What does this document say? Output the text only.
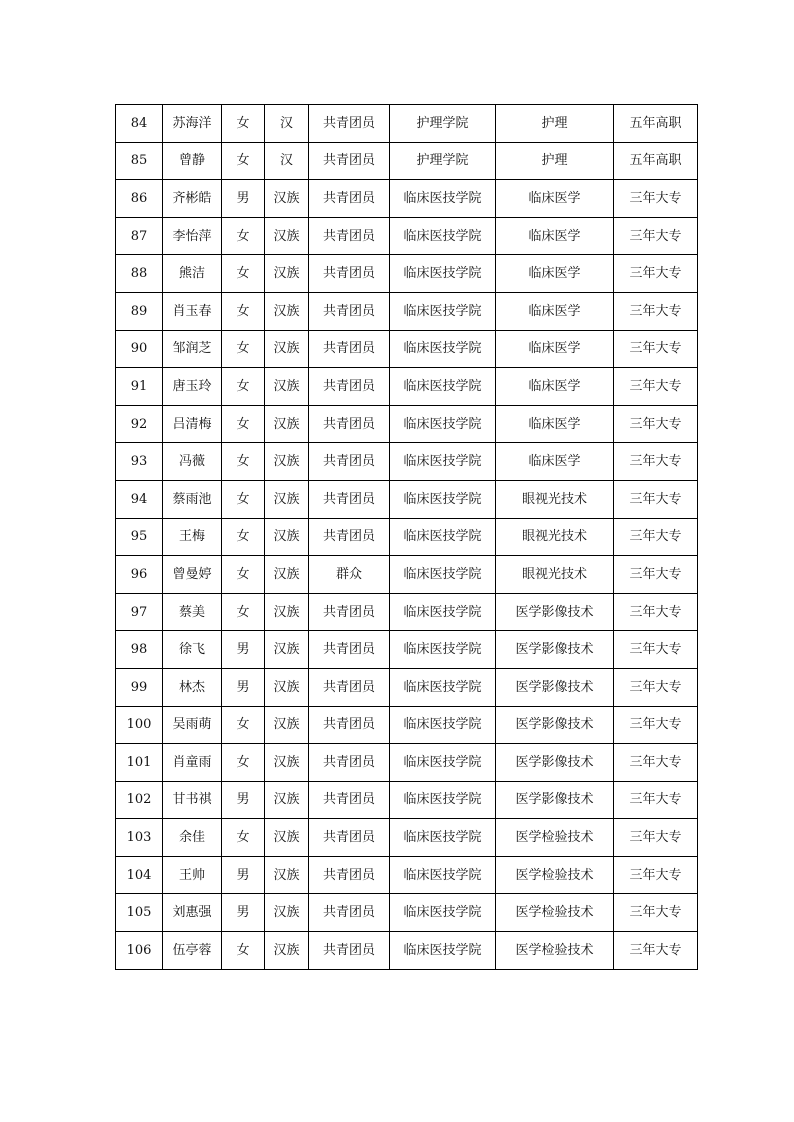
84	苏海洋	女	汉	共青团员	护理学院	护理	五年高职
85	曾静	女	汉	共青团员	护理学院	护理	五年高职
86	齐彬皓	男	汉族	共青团员	临床医技学院	临床医学	三年大专
87	李怡萍	女	汉族	共青团员	临床医技学院	临床医学	三年大专
88	熊洁	女	汉族	共青团员	临床医技学院	临床医学	三年大专
89	肖玉春	女	汉族	共青团员	临床医技学院	临床医学	三年大专
90	邹润芝	女	汉族	共青团员	临床医技学院	临床医学	三年大专
91	唐玉玲	女	汉族	共青团员	临床医技学院	临床医学	三年大专
92	吕清梅	女	汉族	共青团员	临床医技学院	临床医学	三年大专
93	冯薇	女	汉族	共青团员	临床医技学院	临床医学	三年大专
94	蔡雨池	女	汉族	共青团员	临床医技学院	眼视光技术	三年大专
95	王梅	女	汉族	共青团员	临床医技学院	眼视光技术	三年大专
96	曾曼婷	女	汉族	群众	临床医技学院	眼视光技术	三年大专
97	蔡美	女	汉族	共青团员	临床医技学院	医学影像技术	三年大专
98	徐飞	男	汉族	共青团员	临床医技学院	医学影像技术	三年大专
99	林杰	男	汉族	共青团员	临床医技学院	医学影像技术	三年大专
100	吴雨萌	女	汉族	共青团员	临床医技学院	医学影像技术	三年大专
101	肖童雨	女	汉族	共青团员	临床医技学院	医学影像技术	三年大专
102	甘书祺	男	汉族	共青团员	临床医技学院	医学影像技术	三年大专
103	余佳	女	汉族	共青团员	临床医技学院	医学检验技术	三年大专
104	王帅	男	汉族	共青团员	临床医技学院	医学检验技术	三年大专
105	刘惠强	男	汉族	共青团员	临床医技学院	医学检验技术	三年大专
106	伍亭蓉	女	汉族	共青团员	临床医技学院	医学检验技术	三年大专
